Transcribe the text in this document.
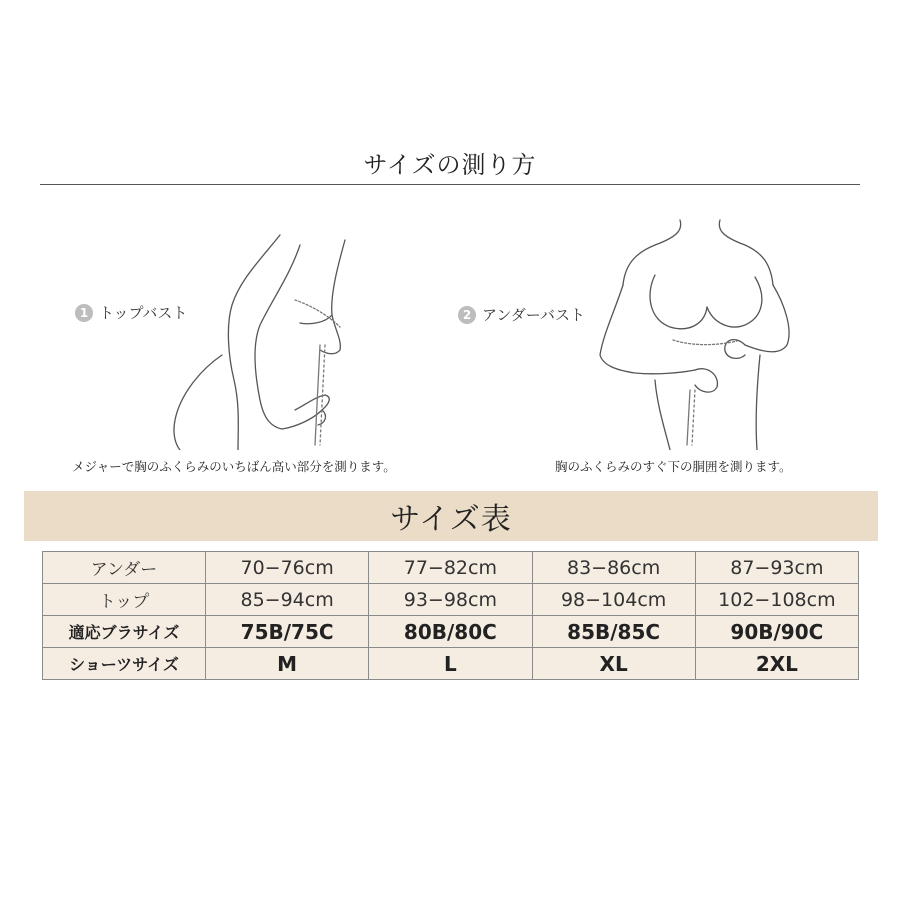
サイズの測り方
1 トップバスト
メジャーで胸のふくらみのいちばん高い部分を測ります。
2 アンダーバスト
胸のふくらみのすぐ下の胴囲を測ります。
サイズ表
アンダー	70−76cm	77−82cm	83−86cm	87−93cm
トップ	85−94cm	93−98cm	98−104cm	102−108cm
適応ブラサイズ	75B/75C	80B/80C	85B/85C	90B/90C
ショーツサイズ	M	L	XL	2XL
